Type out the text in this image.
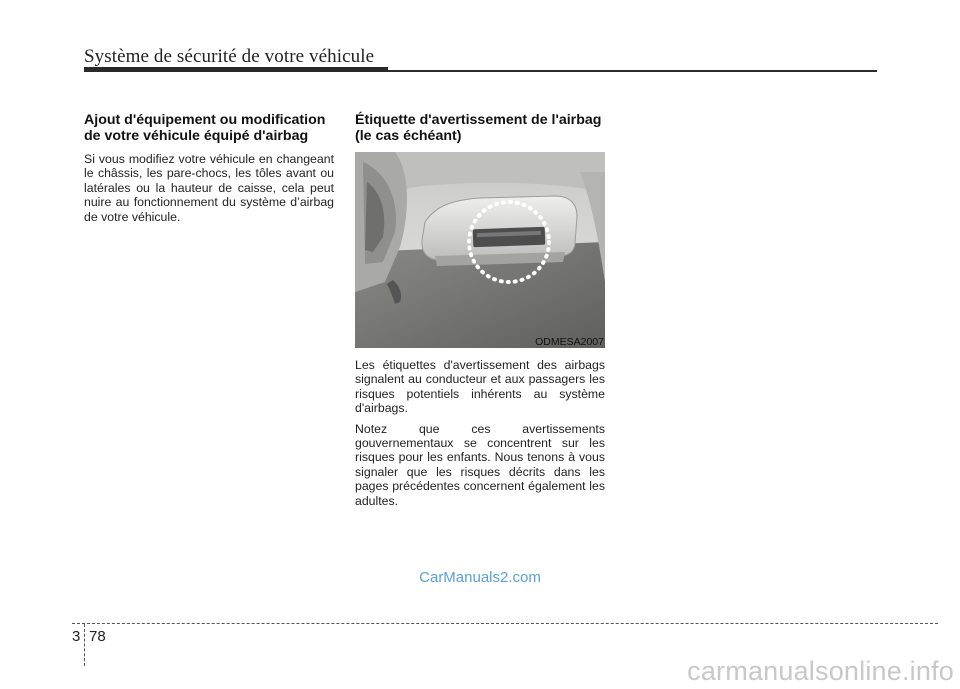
Système de sécurité de votre véhicule
Ajout d'équipement ou modification de votre véhicule équipé d'airbag

Si vous modifiez votre véhicule en changeant le châssis, les pare-chocs, les tôles avant ou latérales ou la hauteur de caisse, cela peut nuire au fonctionnement du système d’airbag de votre véhicule.

Étiquette d'avertissement de l'airbag (le cas échéant)
ODMESA2007

Les étiquettes d'avertissement des airbags signalent au conducteur et aux passagers les risques potentiels inhérents au système d'airbags.

Notez que ces avertissements gouvernementaux se concentrent sur les risques pour les enfants. Nous tenons à vous signaler que les risques décrits dans les pages précédentes concernent également les adultes.

CarManuals2.com
3 78
carmanualsonline.info
